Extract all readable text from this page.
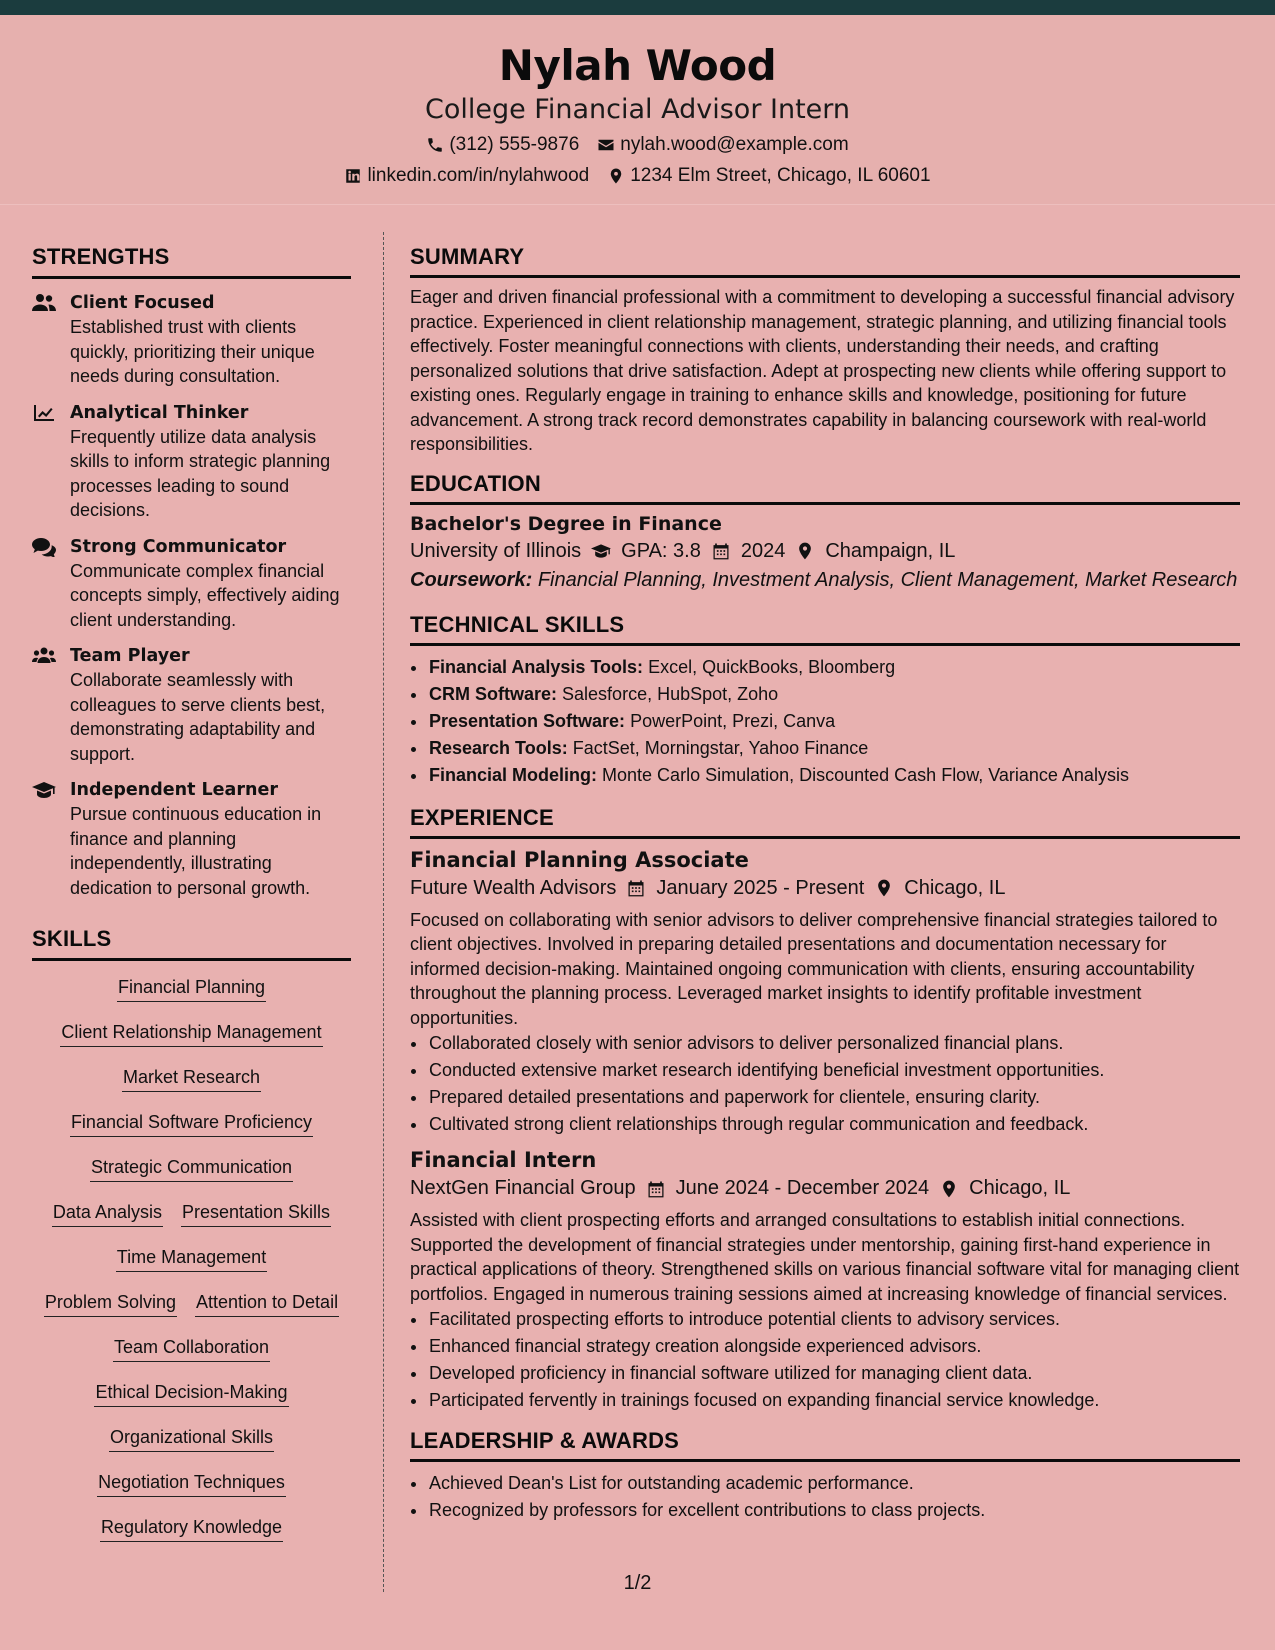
Nylah Wood
College Financial Advisor Intern
(312) 555-9876 nylah.wood@example.com
linkedin.com/in/nylahwood 1234 Elm Street, Chicago, IL 60601
STRENGTHS
Client Focused
Established trust with clients quickly, prioritizing their unique needs during consultation.
Analytical Thinker
Frequently utilize data analysis skills to inform strategic planning processes leading to sound decisions.
Strong Communicator
Communicate complex financial concepts simply, effectively aiding client understanding.
Team Player
Collaborate seamlessly with colleagues to serve clients best, demonstrating adaptability and support.
Independent Learner
Pursue continuous education in finance and planning independently, illustrating dedication to personal growth.
SKILLS
Financial Planning
Client Relationship Management
Market Research
Financial Software Proficiency
Strategic Communication
Data Analysis Presentation Skills
Time Management
Problem Solving Attention to Detail
Team Collaboration
Ethical Decision-Making
Organizational Skills
Negotiation Techniques
Regulatory Knowledge
SUMMARY
Eager and driven financial professional with a commitment to developing a successful financial advisory practice. Experienced in client relationship management, strategic planning, and utilizing financial tools effectively. Foster meaningful connections with clients, understanding their needs, and crafting personalized solutions that drive satisfaction. Adept at prospecting new clients while offering support to existing ones. Regularly engage in training to enhance skills and knowledge, positioning for future advancement. A strong track record demonstrates capability in balancing coursework with real-world responsibilities.
EDUCATION
Bachelor's Degree in Finance
University of Illinois GPA: 3.8 2024 Champaign, IL
Coursework: Financial Planning, Investment Analysis, Client Management, Market Research
TECHNICAL SKILLS
• Financial Analysis Tools: Excel, QuickBooks, Bloomberg
• CRM Software: Salesforce, HubSpot, Zoho
• Presentation Software: PowerPoint, Prezi, Canva
• Research Tools: FactSet, Morningstar, Yahoo Finance
• Financial Modeling: Monte Carlo Simulation, Discounted Cash Flow, Variance Analysis
EXPERIENCE
Financial Planning Associate
Future Wealth Advisors January 2025 - Present Chicago, IL
Focused on collaborating with senior advisors to deliver comprehensive financial strategies tailored to client objectives. Involved in preparing detailed presentations and documentation necessary for informed decision-making. Maintained ongoing communication with clients, ensuring accountability throughout the planning process. Leveraged market insights to identify profitable investment opportunities.
• Collaborated closely with senior advisors to deliver personalized financial plans.
• Conducted extensive market research identifying beneficial investment opportunities.
• Prepared detailed presentations and paperwork for clientele, ensuring clarity.
• Cultivated strong client relationships through regular communication and feedback.
Financial Intern
NextGen Financial Group June 2024 - December 2024 Chicago, IL
Assisted with client prospecting efforts and arranged consultations to establish initial connections. Supported the development of financial strategies under mentorship, gaining first-hand experience in practical applications of theory. Strengthened skills on various financial software vital for managing client portfolios. Engaged in numerous training sessions aimed at increasing knowledge of financial services.
• Facilitated prospecting efforts to introduce potential clients to advisory services.
• Enhanced financial strategy creation alongside experienced advisors.
• Developed proficiency in financial software utilized for managing client data.
• Participated fervently in trainings focused on expanding financial service knowledge.
LEADERSHIP & AWARDS
• Achieved Dean's List for outstanding academic performance.
• Recognized by professors for excellent contributions to class projects.
1/2
